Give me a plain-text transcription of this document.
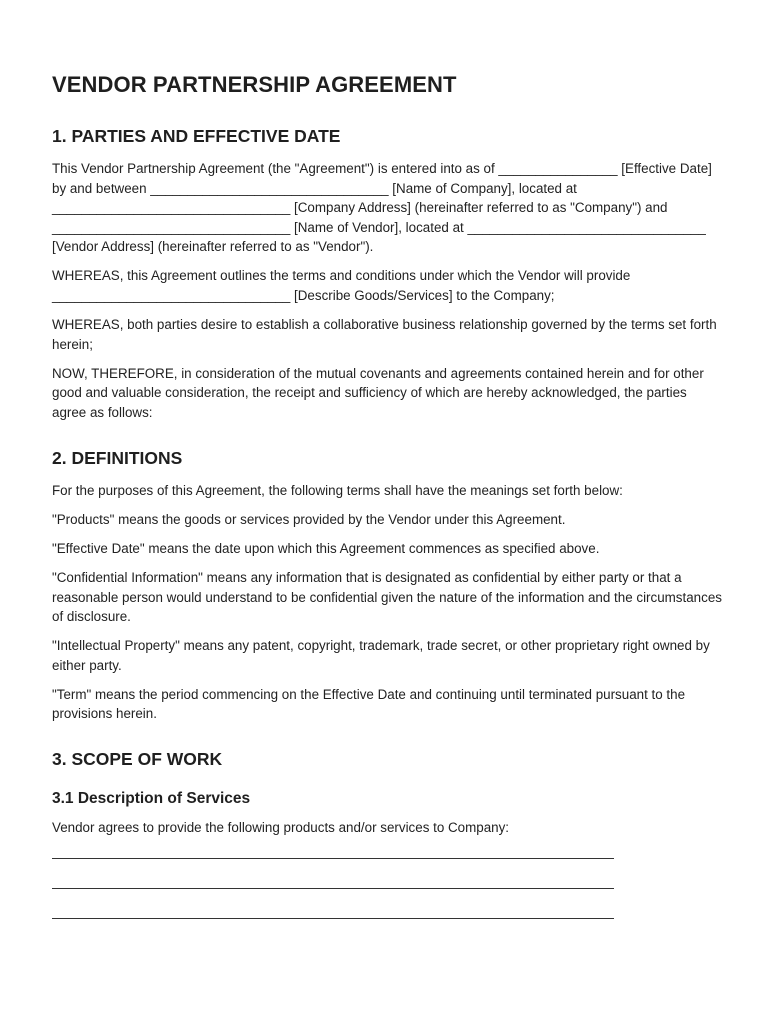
VENDOR PARTNERSHIP AGREEMENT
1. PARTIES AND EFFECTIVE DATE

This Vendor Partnership Agreement (the "Agreement") is entered into as of ________________ [Effective Date] by and between ________________________________ [Name of Company], located at ________________________________ [Company Address] (hereinafter referred to as "Company") and ________________________________ [Name of Vendor], located at ________________________________ [Vendor Address] (hereinafter referred to as "Vendor").

WHEREAS, this Agreement outlines the terms and conditions under which the Vendor will provide ________________________________ [Describe Goods/Services] to the Company;

WHEREAS, both parties desire to establish a collaborative business relationship governed by the terms set forth herein;

NOW, THEREFORE, in consideration of the mutual covenants and agreements contained herein and for other good and valuable consideration, the receipt and sufficiency of which are hereby acknowledged, the parties agree as follows:

2. DEFINITIONS

For the purposes of this Agreement, the following terms shall have the meanings set forth below:

"Products" means the goods or services provided by the Vendor under this Agreement.

"Effective Date" means the date upon which this Agreement commences as specified above.

"Confidential Information" means any information that is designated as confidential by either party or that a reasonable person would understand to be confidential given the nature of the information and the circumstances of disclosure.

"Intellectual Property" means any patent, copyright, trademark, trade secret, or other proprietary right owned by either party.

"Term" means the period commencing on the Effective Date and continuing until terminated pursuant to the provisions herein.

3. SCOPE OF WORK
3.1 Description of Services

Vendor agrees to provide the following products and/or services to Company:
